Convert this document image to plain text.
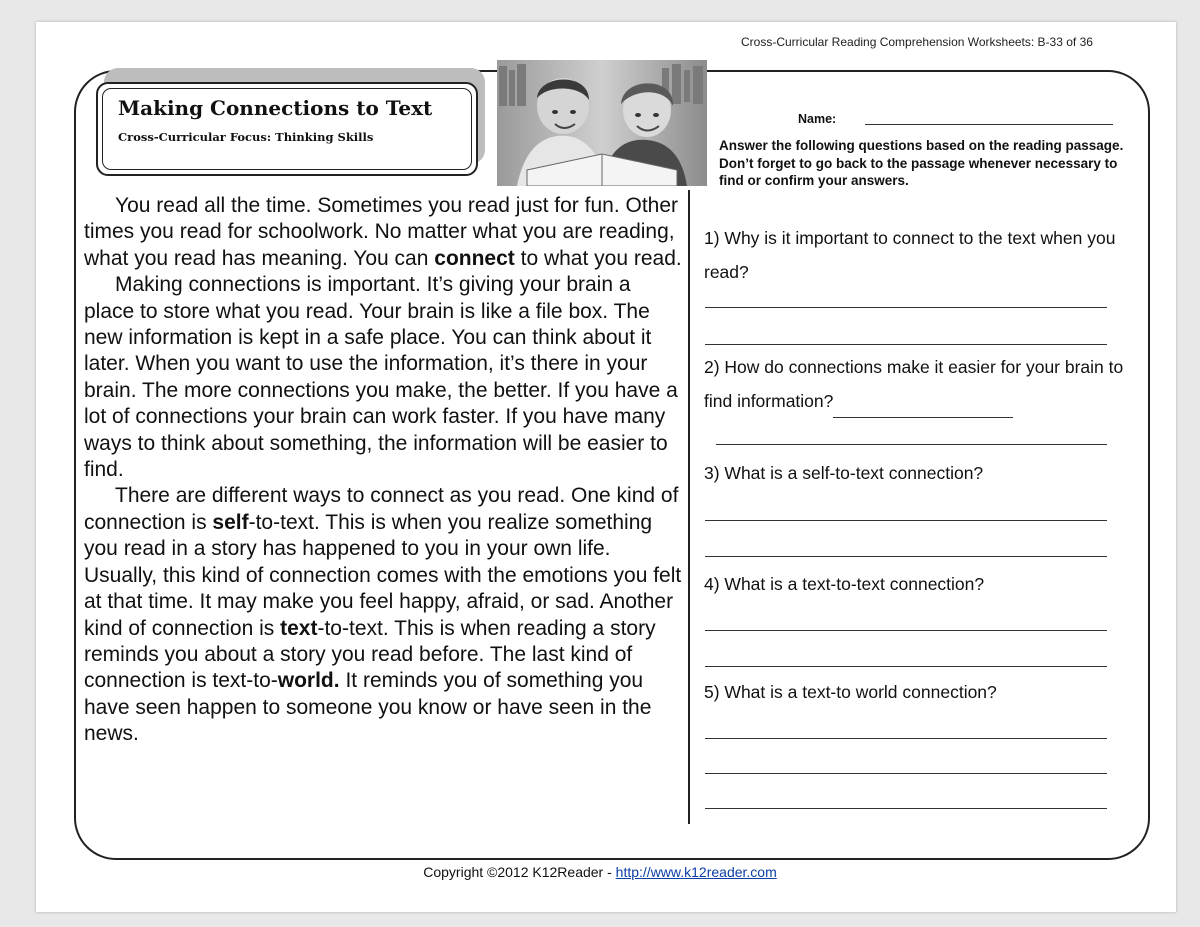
Cross-Curricular Reading Comprehension Worksheets: B-33 of 36
Making Connections to Text
Cross-Curricular Focus: Thinking Skills

You read all the time. Sometimes you read just for fun. Other times you read for schoolwork. No matter what you are reading, what you read has meaning. You can connect to what you read.

Making connections is important. It’s giving your brain a place to store what you read. Your brain is like a file box. The new information is kept in a safe place. You can think about it later. When you want to use the information, it’s there in your brain. The more connections you make, the better. If you have a lot of connections your brain can work faster. If you have many ways to think about something, the information will be easier to find.

There are different ways to connect as you read. One kind of connection is self-to-text. This is when you realize something you read in a story has happened to you in your own life. Usually, this kind of connection comes with the emotions you felt at that time. It may make you feel happy, afraid, or sad. Another kind of connection is text-to-text. This is when reading a story reminds you about a story you read before. The last kind of connection is text-to-world. It reminds you of something you have seen happen to someone you know or have seen in the news.

Name:
Answer the following questions based on the reading passage. Don’t forget to go back to the passage whenever necessary to find or confirm your answers.
1) Why is it important to connect to the text when you read?
2) How do connections make it easier for your brain to find information?
3) What is a self-to-text connection?
4) What is a text-to-text connection?
5) What is a text-to world connection?
Copyright ©2012 K12Reader - http://www.k12reader.com
